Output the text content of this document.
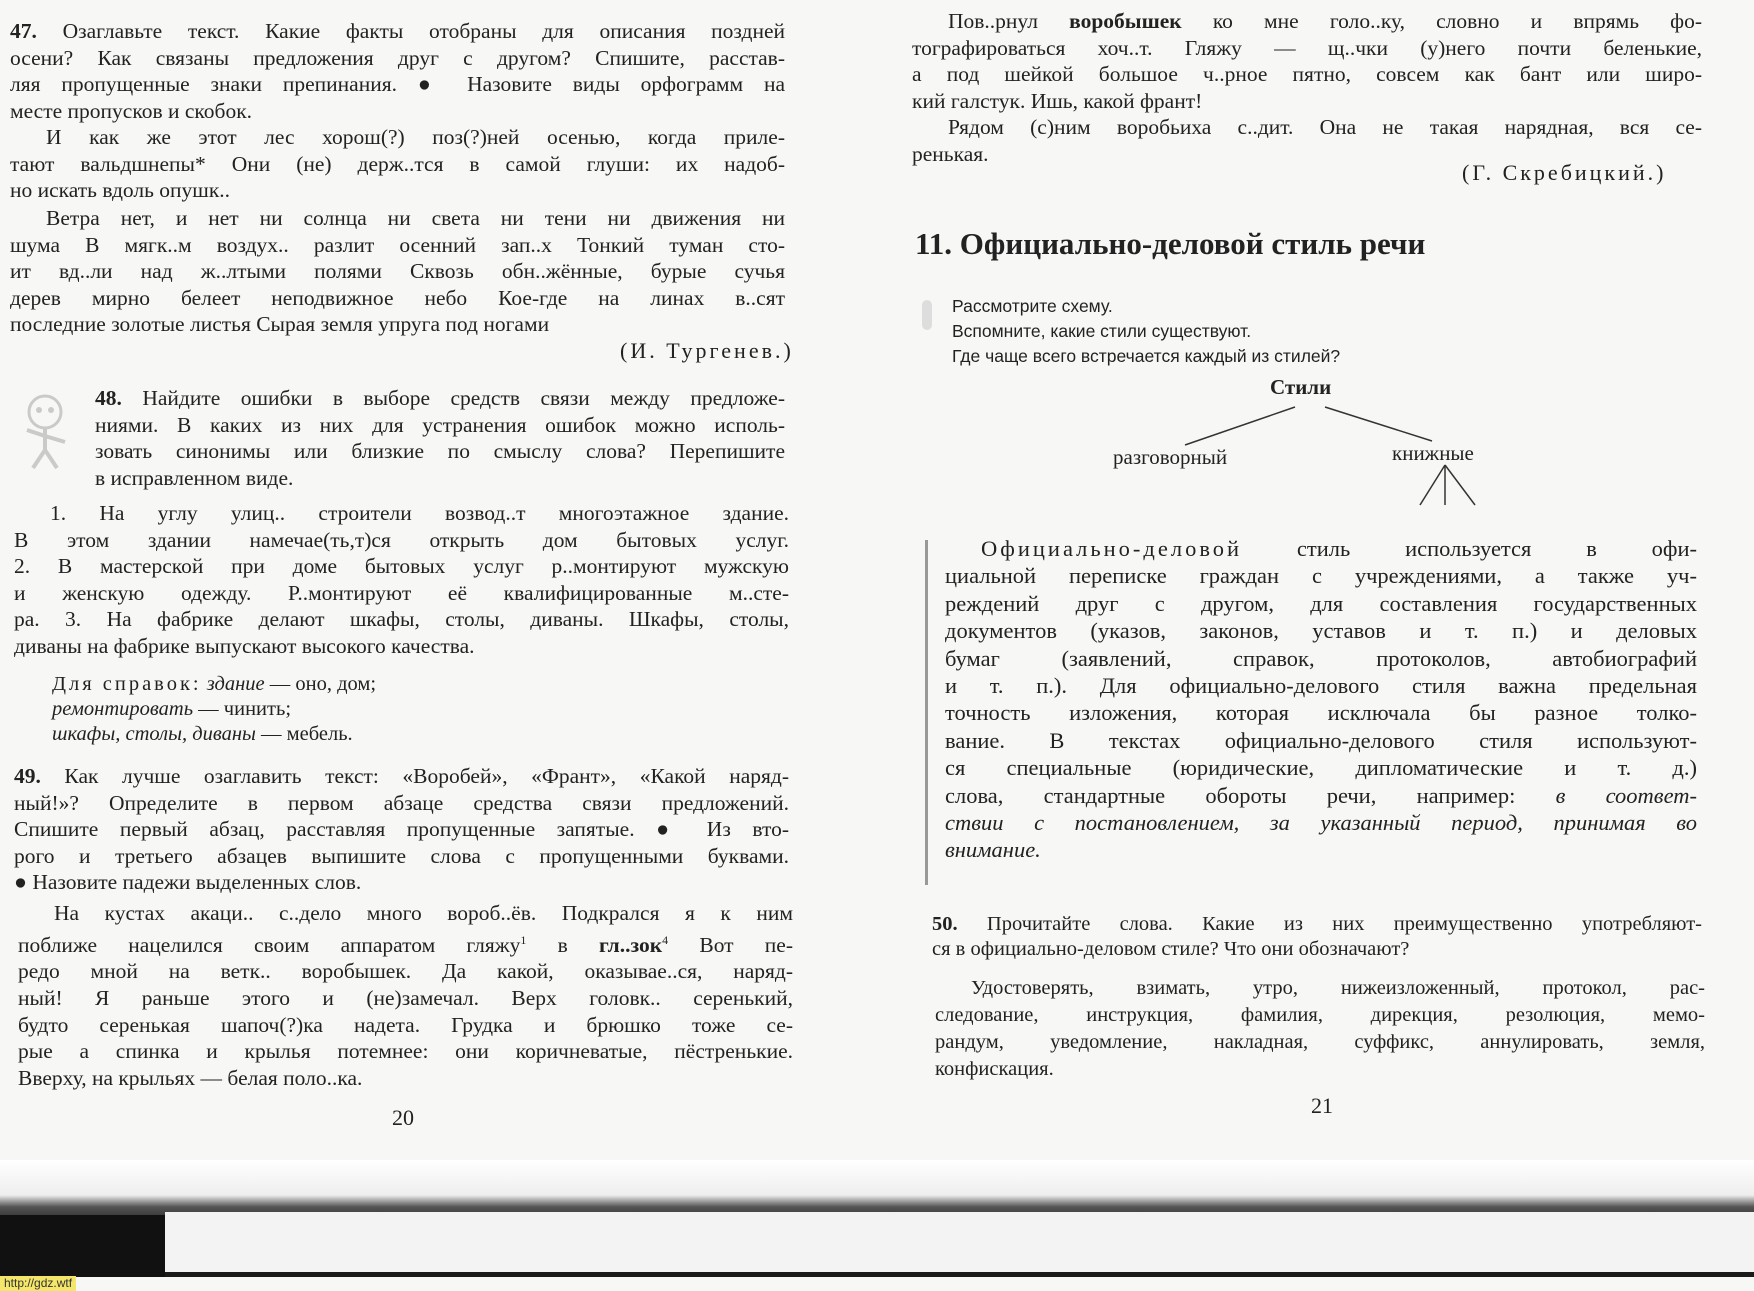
47. Озаглавьте текст. Какие факты отобраны для описания поздней
осени? Как связаны предложения друг с другом? Спишите, расстав-
ляя пропущенные знаки препинания. ● Назовите виды орфограмм на
месте пропусков и скобок.
И как же этот лес хорош(?) поз(?)ней осенью, когда приле-
тают вальдшнепы* Они (не) держ..тся в самой глуши: их надоб-
но искать вдоль опушк..
Ветра нет, и нет ни солнца ни света ни тени ни движения ни
шума В мягк..м воздух.. разлит осенний зап..х Тонкий туман сто-
ит вд..ли над ж..лтыми полями Сквозь обн..жённые, бурые сучья
дерев мирно белеет неподвижное небо Кое-где на линах в..сят
последние золотые листья Сырая земля упруга под ногами
(И. Тургенев.)
48. Найдите ошибки в выборе средств связи между предложе-
ниями. В каких из них для устранения ошибок можно исполь-
зовать синонимы или близкие по смыслу слова? Перепишите
в исправленном виде.
1. На углу улиц.. строители возвод..т многоэтажное здание.
В этом здании намечае(ть,т)ся открыть дом бытовых услуг.
2. В мастерской при доме бытовых услуг р..монтируют мужскую
и женскую одежду. Р..монтируют её квалифицированные м..сте-
ра. 3. На фабрике делают шкафы, столы, диваны. Шкафы, столы,
диваны на фабрике выпускают высокого качества.
Для справок: здание — оно, дом;
ремонтировать — чинить;
шкафы, столы, диваны — мебель.
49. Как лучше озаглавить текст: «Воробей», «Франт», «Какой наряд-
ный!»? Определите в первом абзаце средства связи предложений.
Спишите первый абзац, расставляя пропущенные запятые. ● Из вто-
рого и третьего абзацев выпишите слова с пропущенными буквами.
● Назовите падежи выделенных слов.
На кустах акаци.. с..дело много вороб..ёв. Подкрался я к ним
поближе нацелился своим аппаратом гляжу$^1$ в гл..зок$^4$ Вот пе-
редо мной на ветк.. воробышек. Да какой, оказывае..ся, наряд-
ный! Я раньше этого и (не)замечал. Верх головк.. серенький,
будто серенькая шапоч(?)ка надета. Грудка и брюшко тоже се-
рые а спинка и крылья потемнее: они коричневатые, пёстренькие.
Вверху, на крыльях — белая поло..ка.
20
Пов..рнул воробышек ко мне голо..ку, словно и впрямь фо-
тографироваться хоч..т. Гляжу — щ..чки (у)него почти беленькие,
а под шейкой большое ч..рное пятно, совсем как бант или широ-
кий галстук. Ишь, какой франт!
Рядом (с)ним воробьиха с..дит. Она не такая нарядная, вся се-
ренькая.
(Г. Скребицкий.)
11. Официально-деловой стиль речи
Рассмотрите схему.
Вспомните, какие стили существуют.
Где чаще всего встречается каждый из стилей?
Стили
разговорный	книжные
Официально-деловой стиль используется в офи-
циальной переписке граждан с учреждениями, а также уч-
реждений друг с другом, для составления государственных
документов (указов, законов, уставов и т. п.) и деловых
бумаг (заявлений, справок, протоколов, автобиографий
и т. п.). Для официально-делового стиля важна предельная
точность изложения, которая исключала бы разное толко-
вание. В текстах официально-делового стиля используют-
ся специальные (юридические, дипломатические и т. д.)
слова, стандартные обороты речи, например: в соответ-
ствии с постановлением, за указанный период, принимая во
внимание.
50. Прочитайте слова. Какие из них преимущественно употребляют-
ся в официально-деловом стиле? Что они обозначают?
Удостоверять, взимать, утро, нижеизложенный, протокол, рас-
следование, инструкция, фамилия, дирекция, резолюция, мемо-
рандум, уведомление, накладная, суффикс, аннулировать, земля,
конфискация.
21
http://gdz.wtf
